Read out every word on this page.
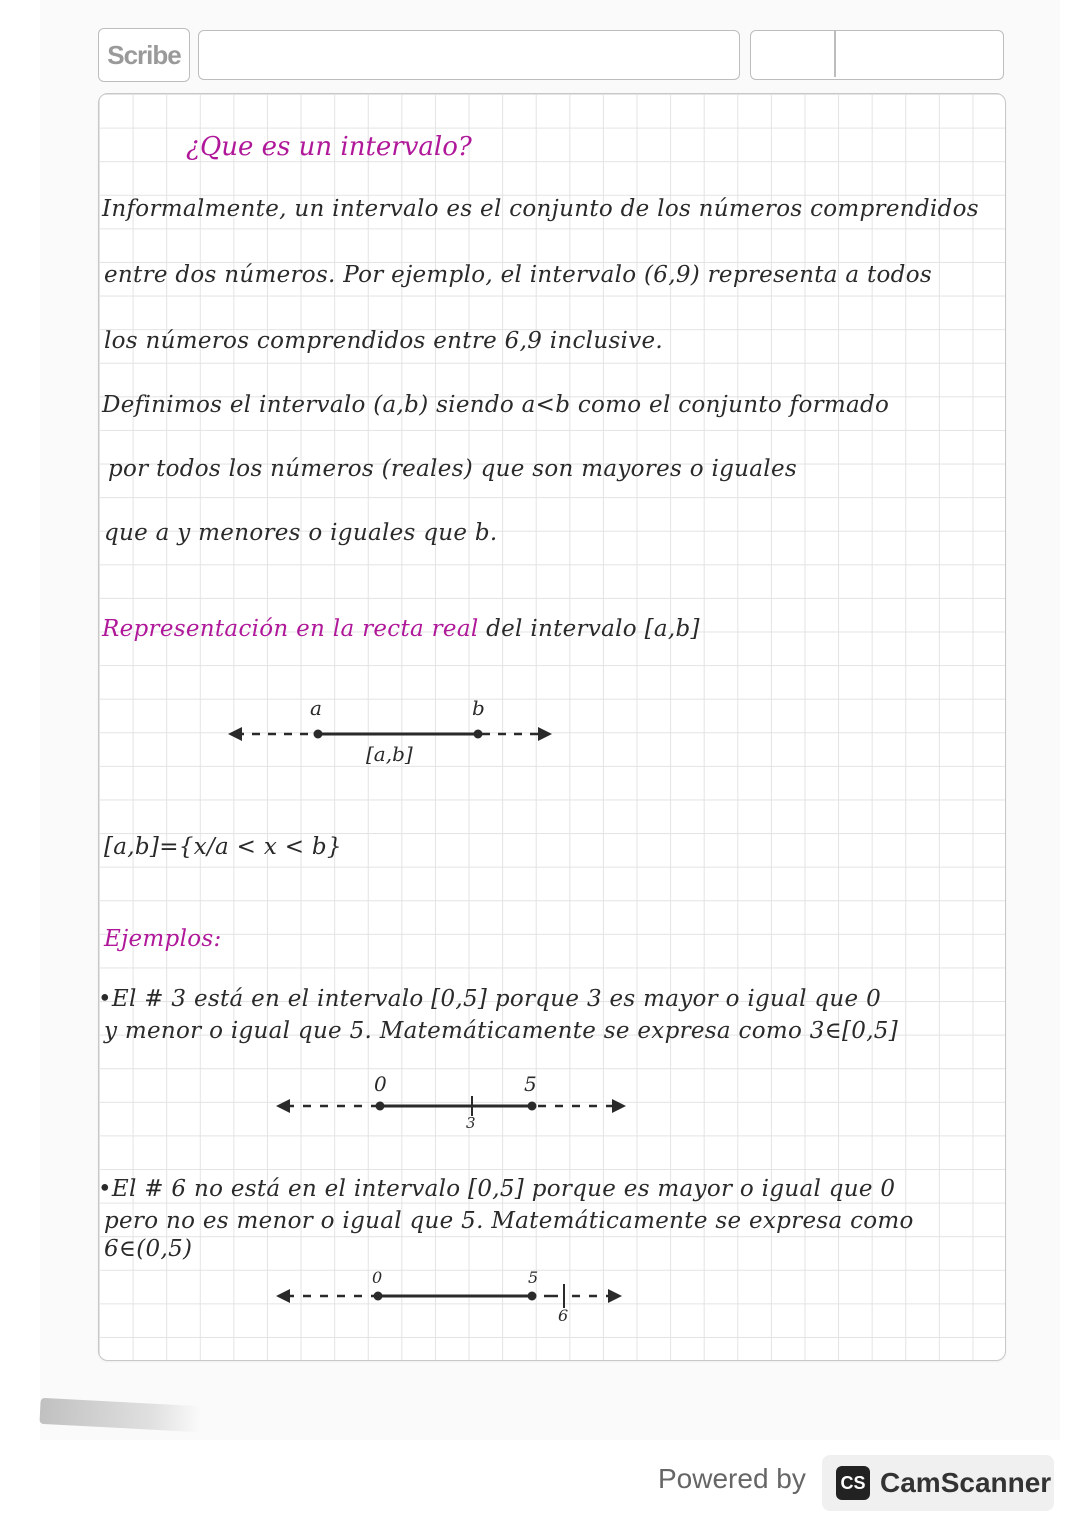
Scribe
¿Que es un intervalo?
Informalmente, un intervalo es el conjunto de los números comprendidos
entre dos números. Por ejemplo, el intervalo (6,9) representa a todos
los números comprendidos entre 6,9 inclusive.
Definimos el intervalo (a,b) siendo a<b como el conjunto formado
por todos los números (reales) que son mayores o iguales
que a y menores o iguales que b.
Representación en la recta real del intervalo [a,b]
a	b
[a,b]
[a,b]={x/a < x < b}
Ejemplos:
•El # 3 está en el intervalo [0,5] porque 3 es mayor o igual que 0
y menor o igual que 5. Matemáticamente se expresa como 3∈[0,5]
0	5
3
•El # 6 no está en el intervalo [0,5] porque es mayor o igual que 0
pero no es menor o igual que 5. Matemáticamente se expresa como
6∈(0,5)
0	5
6
Powered by CS CamScanner
